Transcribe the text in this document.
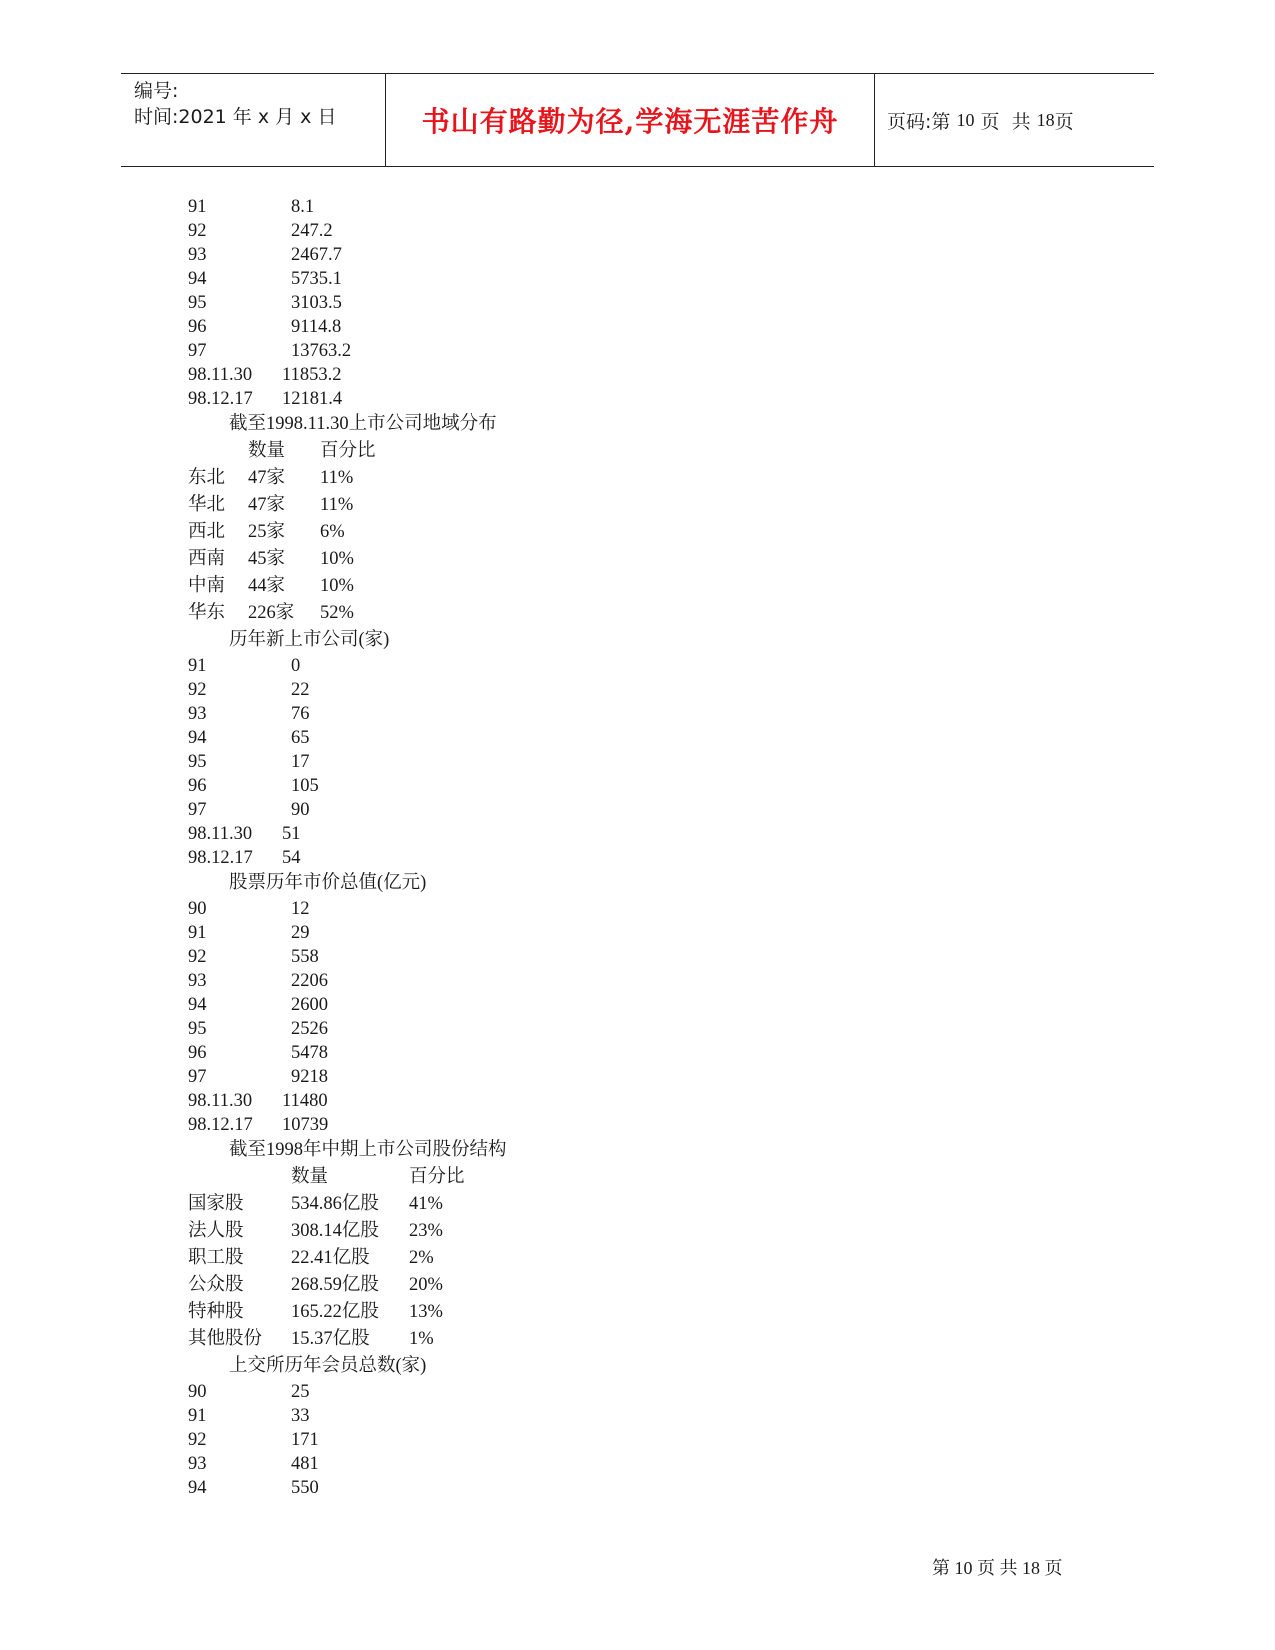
编号:
时间:2021 年 x 月 x 日	书山有路勤为径,学海无涯苦作舟	页码:第 10 页  共 18 页
91	8.1
92	247.2
93	2467.7
94	5735.1
95	3103.5
96	9114.8
97	13763.2
98.11.30	11853.2
98.12.17	12181.4
截至1998.11.30上市公司地域分布
数量	百分比
东北	47家	11%
华北	47家	11%
西北	25家	6%
西南	45家	10%
中南	44家	10%
华东	226家	52%
历年新上市公司(家)
91	0
92	22
93	76
94	65
95	17
96	105
97	90
98.11.30	51
98.12.17	54
股票历年市价总值(亿元)
90	12
91	29
92	558
93	2206
94	2600
95	2526
96	5478
97	9218
98.11.30	11480
98.12.17	10739
截至1998年中期上市公司股份结构
数量	百分比
国家股	534.86亿股	41%
法人股	308.14亿股	23%
职工股	22.41亿股	2%
公众股	268.59亿股	20%
特种股	165.22亿股	13%
其他股份	15.37亿股	1%
上交所历年会员总数(家)
90	25
91	33
92	171
93	481
94	550
第 10 页 共 18 页
